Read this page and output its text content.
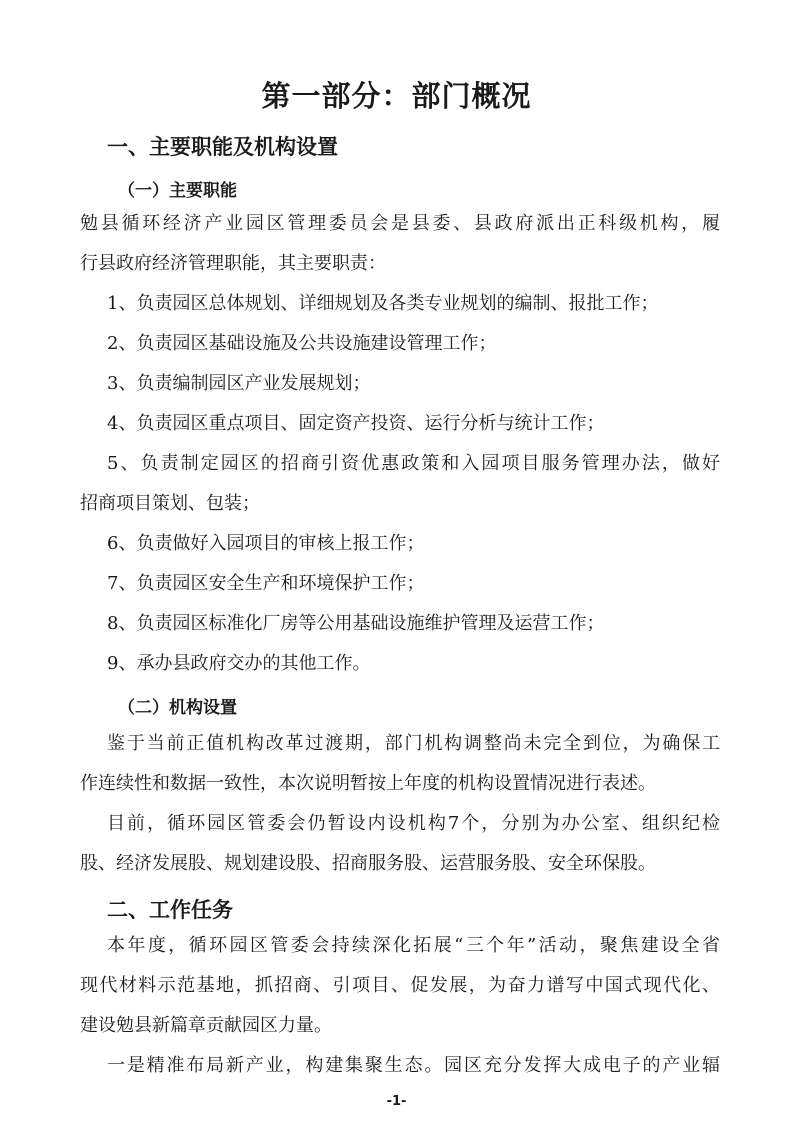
第一部分：部门概况
一、主要职能及机构设置
（一）主要职能

勉县循环经济产业园区管理委员会是县委、县政府派出正科级机构，履

行县政府经济管理职能，其主要职责：

1、负责园区总体规划、详细规划及各类专业规划的编制、报批工作；

2、负责园区基础设施及公共设施建设管理工作；

3、负责编制园区产业发展规划；

4、负责园区重点项目、固定资产投资、运行分析与统计工作；

5、负责制定园区的招商引资优惠政策和入园项目服务管理办法，做好

招商项目策划、包装；

6、负责做好入园项目的审核上报工作；

7、负责园区安全生产和环境保护工作；

8、负责园区标准化厂房等公用基础设施维护管理及运营工作；

9、承办县政府交办的其他工作。

（二）机构设置

鉴于当前正值机构改革过渡期，部门机构调整尚未完全到位，为确保工

作连续性和数据一致性，本次说明暂按上年度的机构设置情况进行表述。

目前，循环园区管委会仍暂设内设机构7个，分别为办公室、组织纪检

股、经济发展股、规划建设股、招商服务股、运营服务股、安全环保股。

二、工作任务

本年度，循环园区管委会持续深化拓展“三个年”活动，聚焦建设全省

现代材料示范基地，抓招商、引项目、促发展，为奋力谱写中国式现代化、

建设勉县新篇章贡献园区力量。

一是精准布局新产业，构建集聚生态。园区充分发挥大成电子的产业辐

-1-
